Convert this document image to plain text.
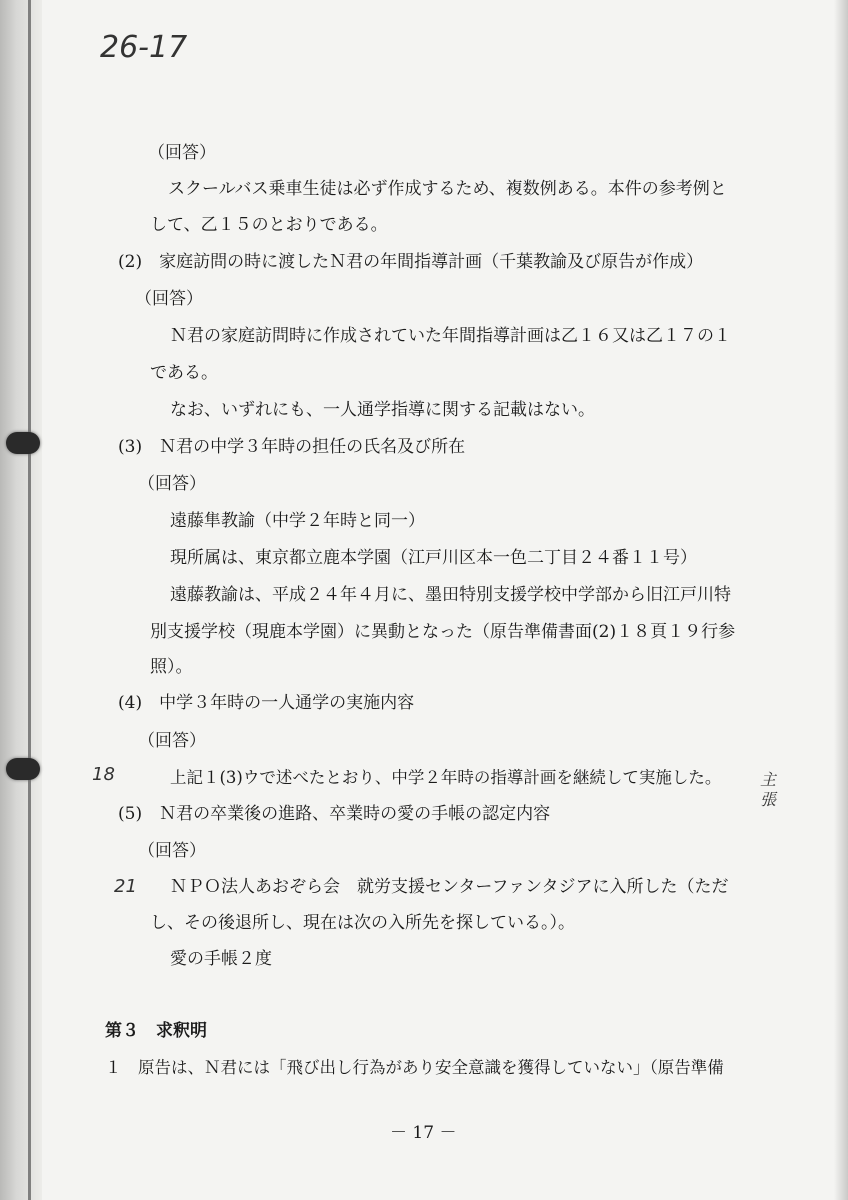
26-17
18
21
主張
（回答）
スクールバス乗車生徒は必ず作成するため、複数例ある。本件の参考例と
して、乙１５のとおりである。
(2)　家庭訪問の時に渡したＮ君の年間指導計画（千葉教諭及び原告が作成）
（回答）
Ｎ君の家庭訪問時に作成されていた年間指導計画は乙１６又は乙１７の１
である。
なお、いずれにも、一人通学指導に関する記載はない。
(3)　Ｎ君の中学３年時の担任の氏名及び所在
（回答）
遠藤隼教諭（中学２年時と同一）
現所属は、東京都立鹿本学園（江戸川区本一色二丁目２４番１１号）
遠藤教諭は、平成２４年４月に、墨田特別支援学校中学部から旧江戸川特
別支援学校（現鹿本学園）に異動となった（原告準備書面(2)１８頁１９行参
照）。
(4)　中学３年時の一人通学の実施内容
（回答）
上記１(3)ウで述べたとおり、中学２年時の指導計画を継続して実施した。
(5)　Ｎ君の卒業後の進路、卒業時の愛の手帳の認定内容
（回答）
ＮＰＯ法人あおぞら会　就労支援センターファンタジアに入所した（ただ
し、その後退所し、現在は次の入所先を探している。）。
愛の手帳２度
第３　求釈明
１　原告は、Ｎ君には「飛び出し行為があり安全意識を獲得していない」（原告準備
－ 17 －
